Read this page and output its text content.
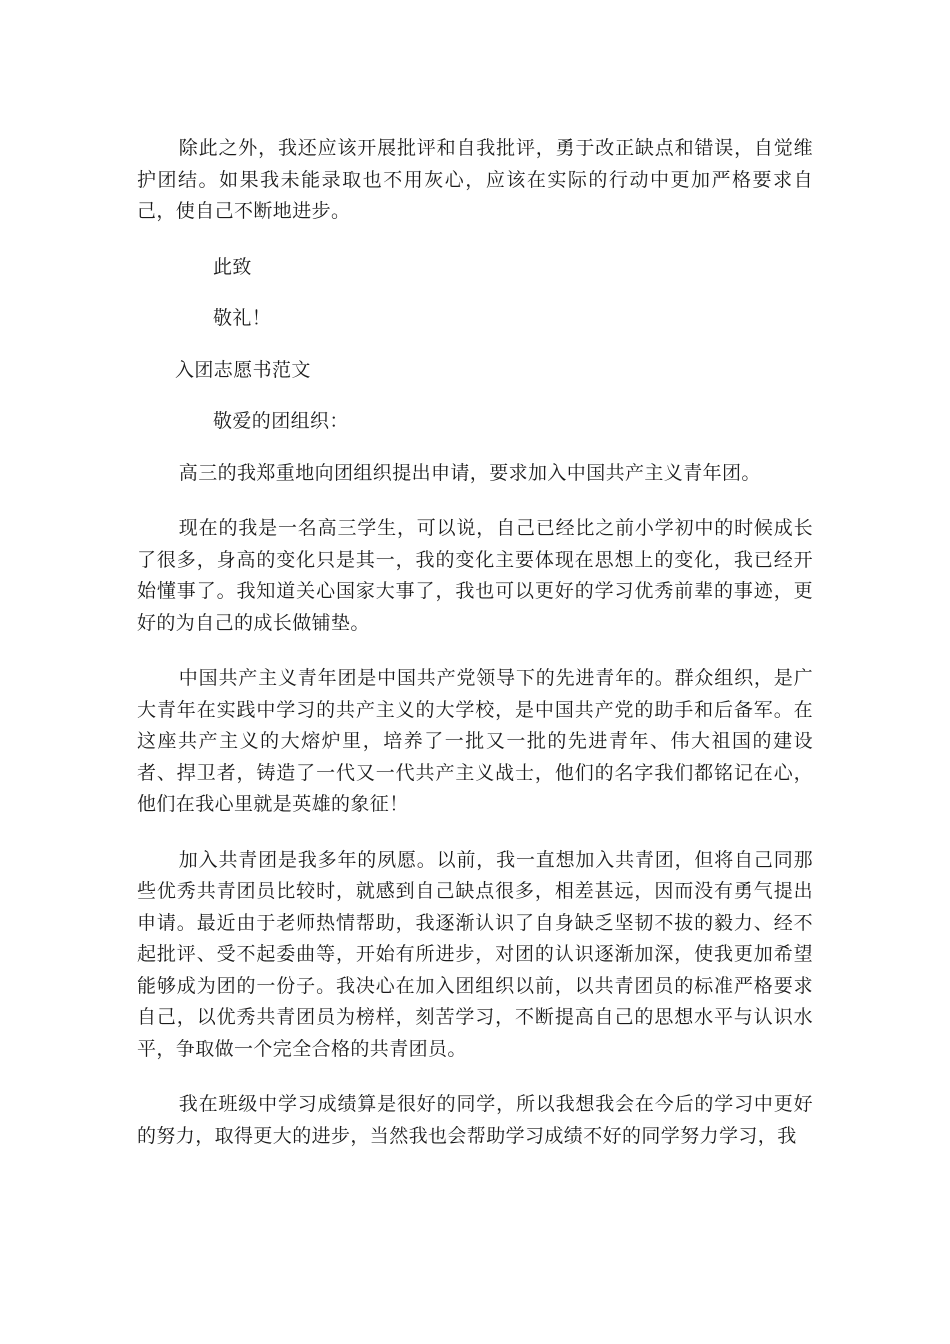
除此之外，我还应该开展批评和自我批评，勇于改正缺点和错误，自觉维护团结。如果我未能录取也不用灰心，应该在实际的行动中更加严格要求自己，使自己不断地进步。

此致

敬礼！

入团志愿书范文

敬爱的团组织：

高三的我郑重地向团组织提出申请，要求加入中国共产主义青年团。

现在的我是一名高三学生，可以说，自己已经比之前小学初中的时候成长了很多，身高的变化只是其一，我的变化主要体现在思想上的变化，我已经开始懂事了。我知道关心国家大事了，我也可以更好的学习优秀前辈的事迹，更好的为自己的成长做铺垫。

中国共产主义青年团是中国共产党领导下的先进青年的。群众组织，是广大青年在实践中学习的共产主义的大学校，是中国共产党的助手和后备军。在这座共产主义的大熔炉里，培养了一批又一批的先进青年、伟大祖国的建设者、捍卫者，铸造了一代又一代共产主义战士，他们的名字我们都铭记在心，他们在我心里就是英雄的象征！

加入共青团是我多年的夙愿。以前，我一直想加入共青团，但将自己同那些优秀共青团员比较时，就感到自己缺点很多，相差甚远，因而没有勇气提出申请。最近由于老师热情帮助，我逐渐认识了自身缺乏坚韧不拔的毅力、经不起批评、受不起委曲等，开始有所进步，对团的认识逐渐加深，使我更加希望能够成为团的一份子。我决心在加入团组织以前，以共青团员的标准严格要求自己，以优秀共青团员为榜样，刻苦学习，不断提高自己的思想水平与认识水平，争取做一个完全合格的共青团员。

我在班级中学习成绩算是很好的同学，所以我想我会在今后的学习中更好的努力，取得更大的进步，当然我也会帮助学习成绩不好的同学努力学习，我
